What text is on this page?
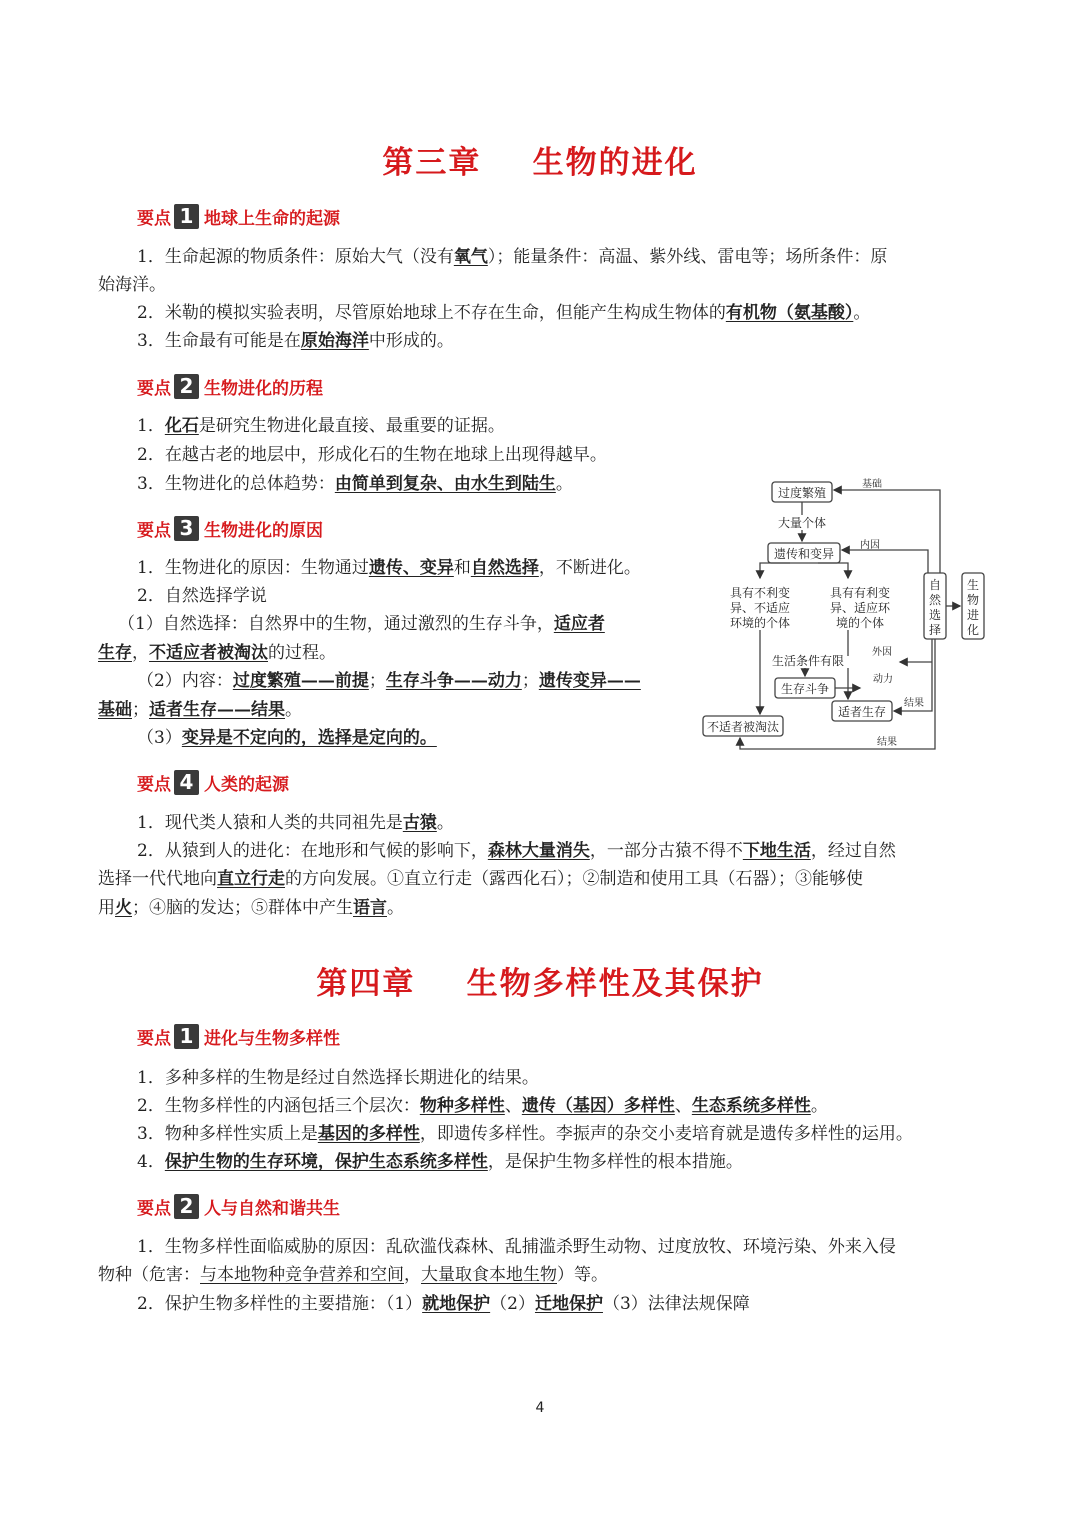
第三章    生物的进化
要点 1 地球上生命的起源
1．生命起源的物质条件：原始大气（没有氧气）；能量条件：高温、紫外线、雷电等；场所条件：原
始海洋。
2．米勒的模拟实验表明，尽管原始地球上不存在生命，但能产生构成生物体的有机物（氨基酸）。
3．生命最有可能是在原始海洋中形成的。
要点 2 生物进化的历程
1．化石是研究生物进化最直接、最重要的证据。
2．在越古老的地层中，形成化石的生物在地球上出现得越早。
3．生物进化的总体趋势：由简单到复杂、由水生到陆生。
要点 3 生物进化的原因
1．生物进化的原因：生物通过遗传、变异和自然选择，不断进化。
2．自然选择学说
（1）自然选择：自然界中的生物，通过激烈的生存斗争，适应者
生存，不适应者被淘汰的过程。
（2）内容：过度繁殖——前提；生存斗争——动力；遗传变异——
基础；适者生存——结果。
（3）变异是不定向的，选择是定向的。
过度繁殖
大量个体
遗传和变异
具有不利变
异、不适应
环境的个体
具有有利变
异、适应环
境的个体
生活条件有限
生存斗争
适者生存
不适者被淘汰
自
然
选
择
生
物
进
化
基础
内因
外因
动力
结果
结果
要点 4 人类的起源
1．现代类人猿和人类的共同祖先是古猿。
2．从猿到人的进化：在地形和气候的影响下，森林大量消失，一部分古猿不得不下地生活，经过自然
选择一代代地向直立行走的方向发展。①直立行走（露西化石）；②制造和使用工具（石器）；③能够使
用火；④脑的发达；⑤群体中产生语言。
第四章    生物多样性及其保护
要点 1 进化与生物多样性
1．多种多样的生物是经过自然选择长期进化的结果。
2．生物多样性的内涵包括三个层次：物种多样性、遗传（基因）多样性、生态系统多样性。
3．物种多样性实质上是基因的多样性，即遗传多样性。李振声的杂交小麦培育就是遗传多样性的运用。
4．保护生物的生存环境，保护生态系统多样性，是保护生物多样性的根本措施。
要点 2 人与自然和谐共生
1．生物多样性面临威胁的原因：乱砍滥伐森林、乱捕滥杀野生动物、过度放牧、环境污染、外来入侵
物种（危害：与本地物种竞争营养和空间，大量取食本地生物）等。
2．保护生物多样性的主要措施：（1）就地保护（2）迁地保护（3）法律法规保障
4
